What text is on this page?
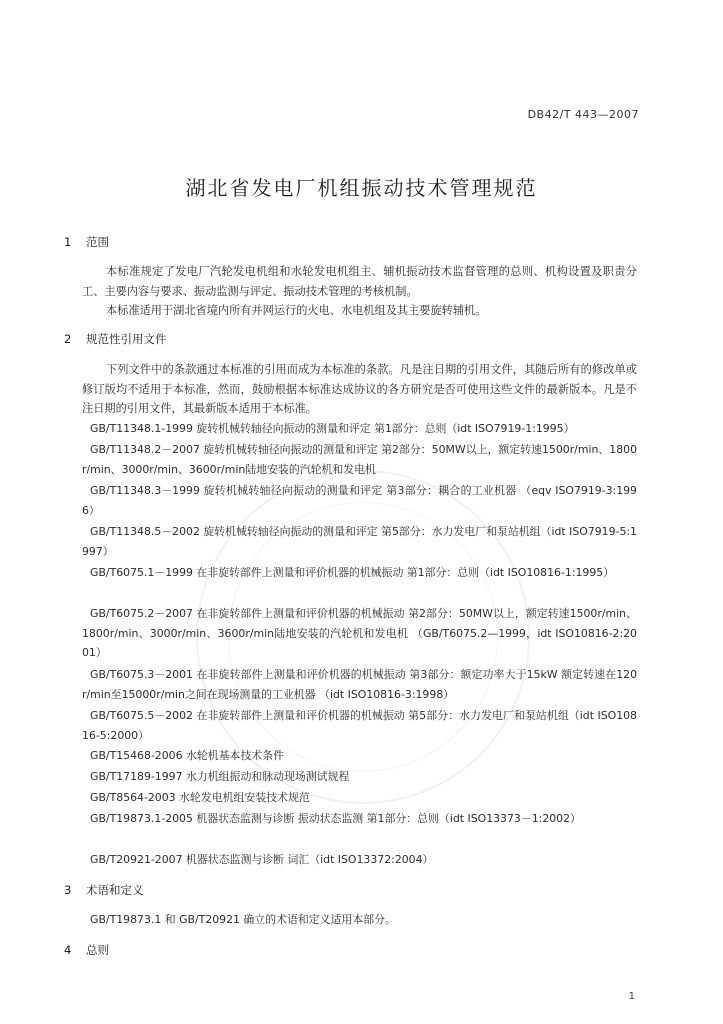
DB42/T 443—2007
湖北省发电厂机组振动技术管理规范
1 范围
本标准规定了发电厂汽轮发电机组和水轮发电机组主、辅机振动技术监督管理的总则、机构设置及职责分工、主要内容与要求、振动监测与评定、振动技术管理的考核机制。
本标准适用于湖北省境内所有并网运行的火电、水电机组及其主要旋转辅机。
2 规范性引用文件
下列文件中的条款通过本标准的引用而成为本标准的条款。凡是注日期的引用文件，其随后所有的修改单或修订版均不适用于本标准，然而，鼓励根据本标准达成协议的各方研究是否可使用这些文件的最新版本。凡是不注日期的引用文件，其最新版本适用于本标准。
GB/T11348.1-1999 旋转机械转轴径向振动的测量和评定 第1部分：总则（idt ISO7919-1:1995）
GB/T11348.2－2007 旋转机械转轴径向振动的测量和评定 第2部分：50MW以上，额定转速1500r/min、1800r/min、3000r/min、3600r/min陆地安装的汽轮机和发电机
GB/T11348.3－1999 旋转机械转轴径向振动的测量和评定 第3部分：耦合的工业机器 （eqv ISO7919-3:1996）
GB/T11348.5－2002 旋转机械转轴径向振动的测量和评定 第5部分：水力发电厂和泵站机组（idt ISO7919-5:1997）
GB/T6075.1－1999 在非旋转部件上测量和评价机器的机械振动 第1部分：总则（idt ISO10816-1:1995）
GB/T6075.2－2007 在非旋转部件上测量和评价机器的机械振动 第2部分：50MW以上，额定转速1500r/min、1800r/min、3000r/min、3600r/min陆地安装的汽轮机和发电机 （GB/T6075.2—1999，idt ISO10816-2:2001）
GB/T6075.3－2001 在非旋转部件上测量和评价机器的机械振动 第3部分：额定功率大于15kW 额定转速在120r/min至15000r/min之间在现场测量的工业机器 （idt ISO10816-3:1998）
GB/T6075.5－2002 在非旋转部件上测量和评价机器的机械振动 第5部分：水力发电厂和泵站机组（idt ISO10816-5:2000）
GB/T15468-2006 水轮机基本技术条件
GB/T17189-1997 水力机组振动和脉动现场测试规程
GB/T8564-2003 水轮发电机组安装技术规范
GB/T19873.1-2005 机器状态监测与诊断 振动状态监测 第1部分：总则（idt ISO13373－1:2002）
GB/T20921-2007 机器状态监测与诊断 词汇（idt ISO13372:2004）
3 术语和定义
GB/T19873.1 和 GB/T20921 确立的术语和定义适用本部分。
4 总则
1
